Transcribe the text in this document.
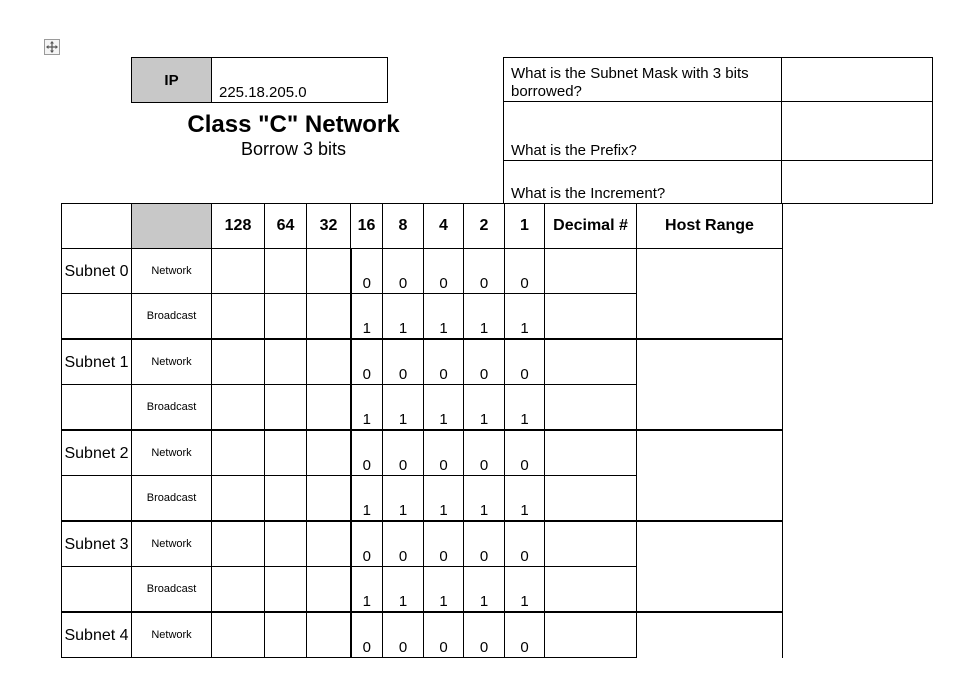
IP	225.18.205.0
Class "C" Network
Borrow 3 bits
What is the Subnet Mask with 3 bits borrowed?	
What is the Prefix?	
What is the Increment?	
		128	64	32	16	8	4	2	1	Decimal #	Host Range
Subnet 0	Network				0	0	0	0	0		
	Broadcast				1	1	1	1	1		
Subnet 1	Network				0	0	0	0	0		
	Broadcast				1	1	1	1	1		
Subnet 2	Network				0	0	0	0	0		
	Broadcast				1	1	1	1	1		
Subnet 3	Network				0	0	0	0	0		
	Broadcast				1	1	1	1	1		
Subnet 4	Network				0	0	0	0	0		
